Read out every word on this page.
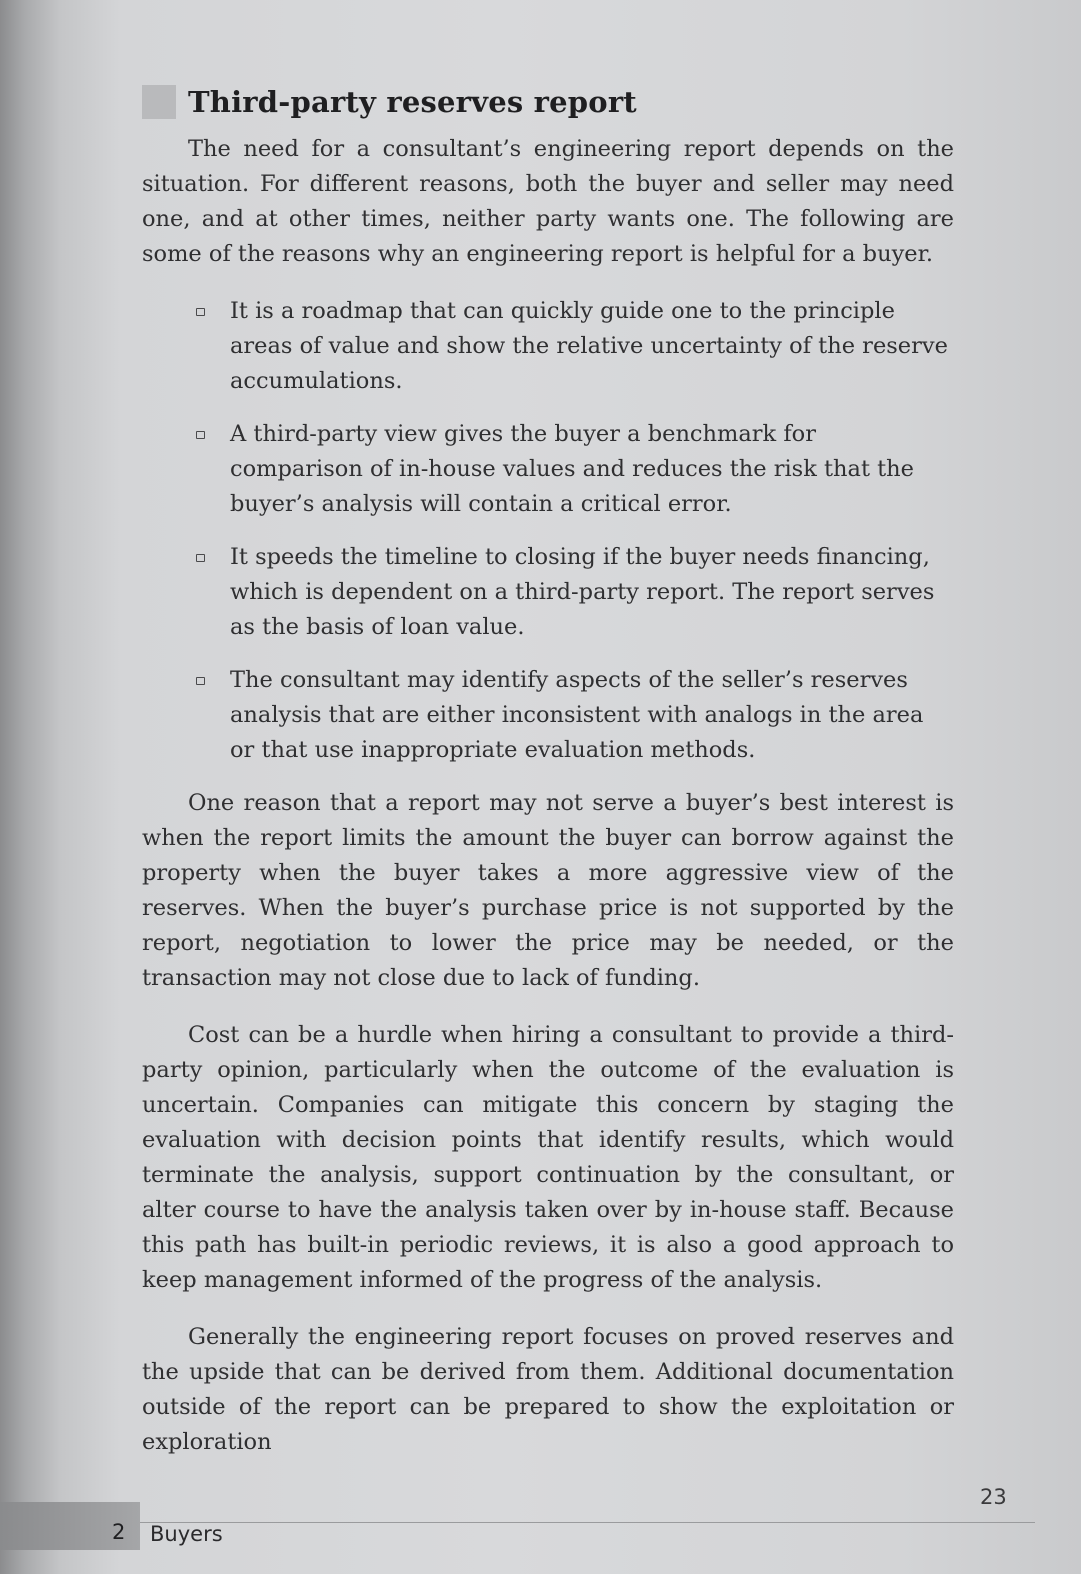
Third-party reserves report

The need for a consultant’s engineering report depends on the situation. For different reasons, both the buyer and seller may need one, and at other times, neither party wants one. The following are some of the reasons why an engineering report is helpful for a buyer.

It is a roadmap that can quickly guide one to the principle areas of value and show the relative uncertainty of the reserve accumulations.
A third-party view gives the buyer a benchmark for comparison of in-house values and reduces the risk that the buyer’s analysis will contain a critical error.
It speeds the timeline to closing if the buyer needs financing, which is dependent on a third-party report. The report serves as the basis of loan value.
The consultant may identify aspects of the seller’s reserves analysis that are either inconsistent with analogs in the area or that use inappropriate evaluation methods.

One reason that a report may not serve a buyer’s best interest is when the report limits the amount the buyer can borrow against the property when the buyer takes a more aggressive view of the reserves. When the buyer’s purchase price is not supported by the report, negotiation to lower the price may be needed, or the transaction may not close due to lack of funding.

Cost can be a hurdle when hiring a consultant to provide a third-party opinion, particularly when the outcome of the evaluation is uncertain. Companies can mitigate this concern by staging the evaluation with decision points that identify results, which would terminate the analysis, support continuation by the consultant, or alter course to have the analysis taken over by in-house staff. Because this path has built-in periodic reviews, it is also a good approach to keep management informed of the progress of the analysis.

Generally the engineering report focuses on proved reserves and the upside that can be derived from them. Additional documentation outside of the report can be prepared to show the exploitation or exploration

23
2 Buyers
